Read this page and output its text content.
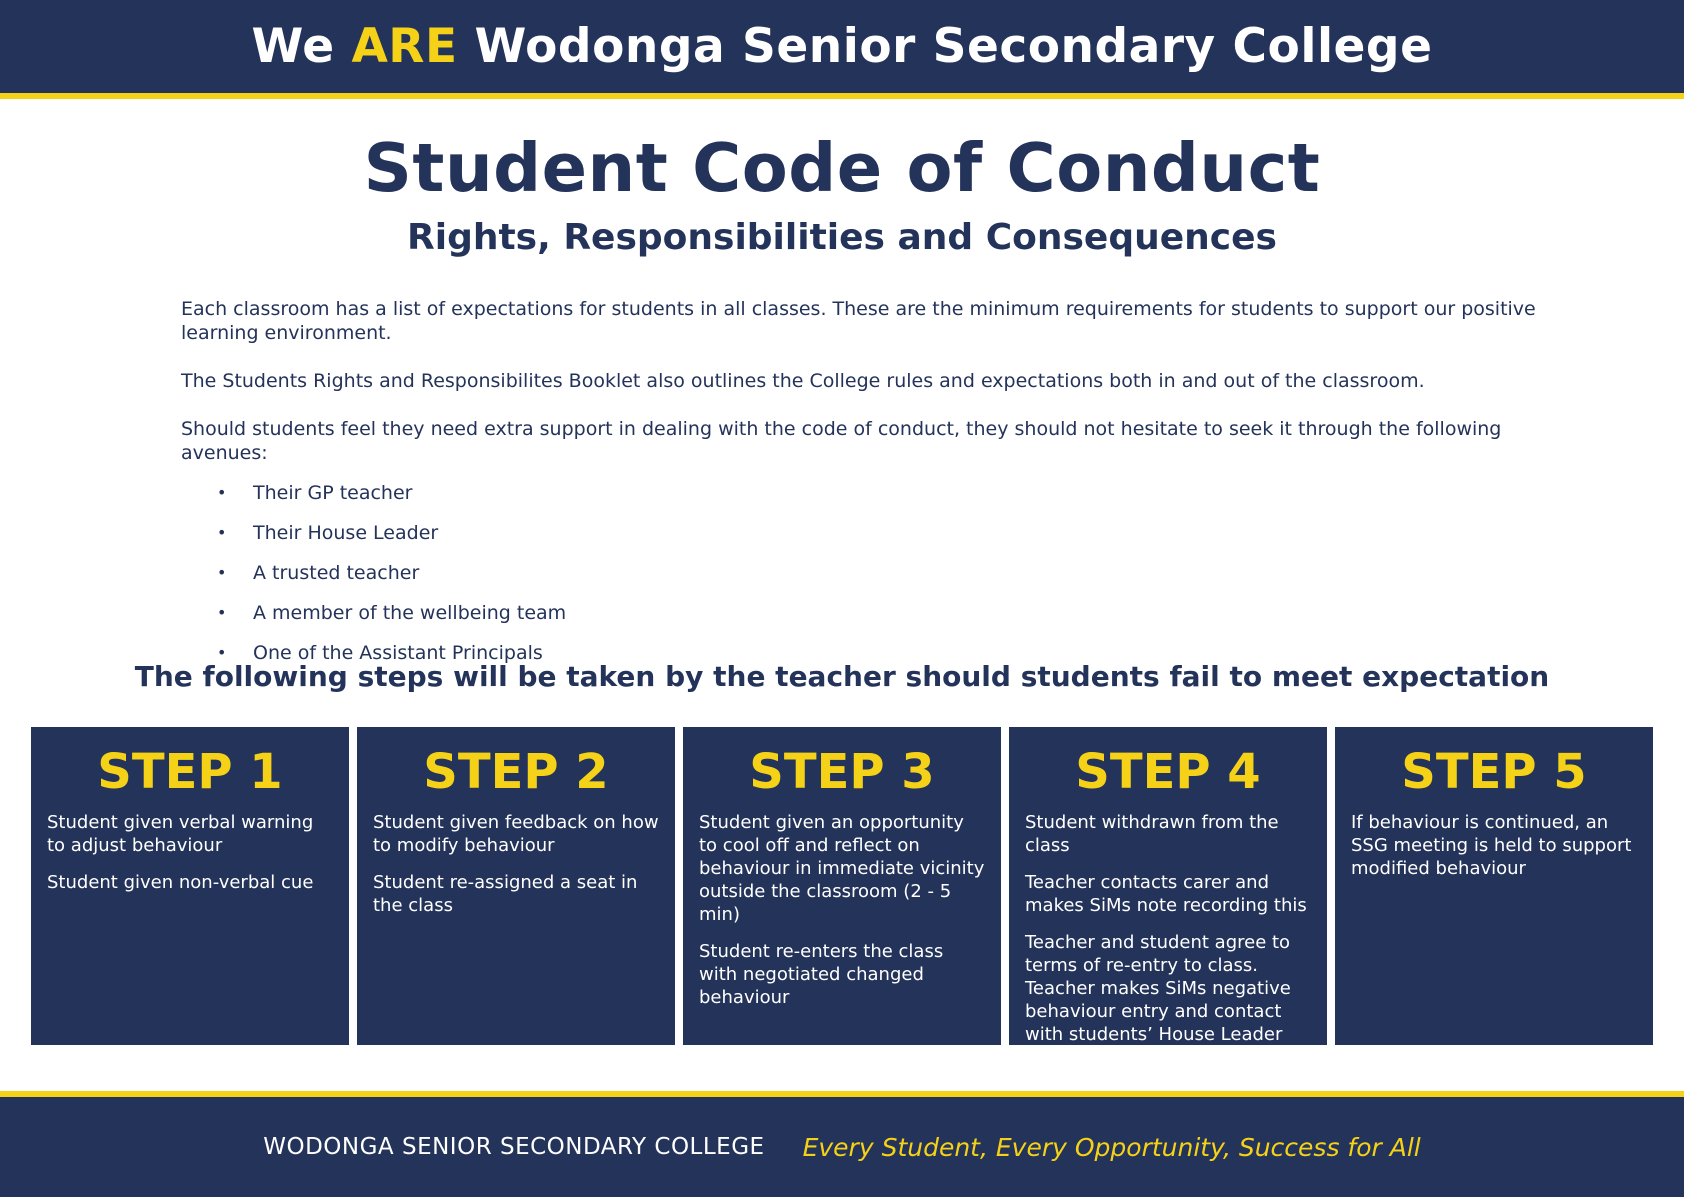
We ARE Wodonga Senior Secondary College
Student Code of Conduct
Rights, Responsibilities and Consequences

Each classroom has a list of expectations for students in all classes. These are the minimum requirements for students to support our positive learning environment.

The Students Rights and Responsibilites Booklet also outlines the College rules and expectations both in and out of the classroom.

Should students feel they need extra support in dealing with the code of conduct, they should not hesitate to seek it through the following avenues:

• Their GP teacher
• Their House Leader
• A trusted teacher
• A member of the wellbeing team
• One of the Assistant Principals
The following steps will be taken by the teacher should students fail to meet expectation
STEP 1

Student given verbal warning to adjust behaviour

Student given non-verbal cue

STEP 2

Student given feedback on how to modify behaviour

Student re-assigned a seat in the class

STEP 3

Student given an opportunity to cool off and reflect on behaviour in immediate vicinity outside the classroom (2 - 5 min)

Student re-enters the class with negotiated changed behaviour

STEP 4

Student withdrawn from the class

Teacher contacts carer and makes SiMs note recording this

Teacher and student agree to terms of re-entry to class. Teacher makes SiMs negative behaviour entry and contact with students’ House Leader

STEP 5

If behaviour is continued, an SSG meeting is held to support modified behaviour

WODONGA SENIOR SECONDARY COLLEGE Every Student, Every Opportunity, Success for All
